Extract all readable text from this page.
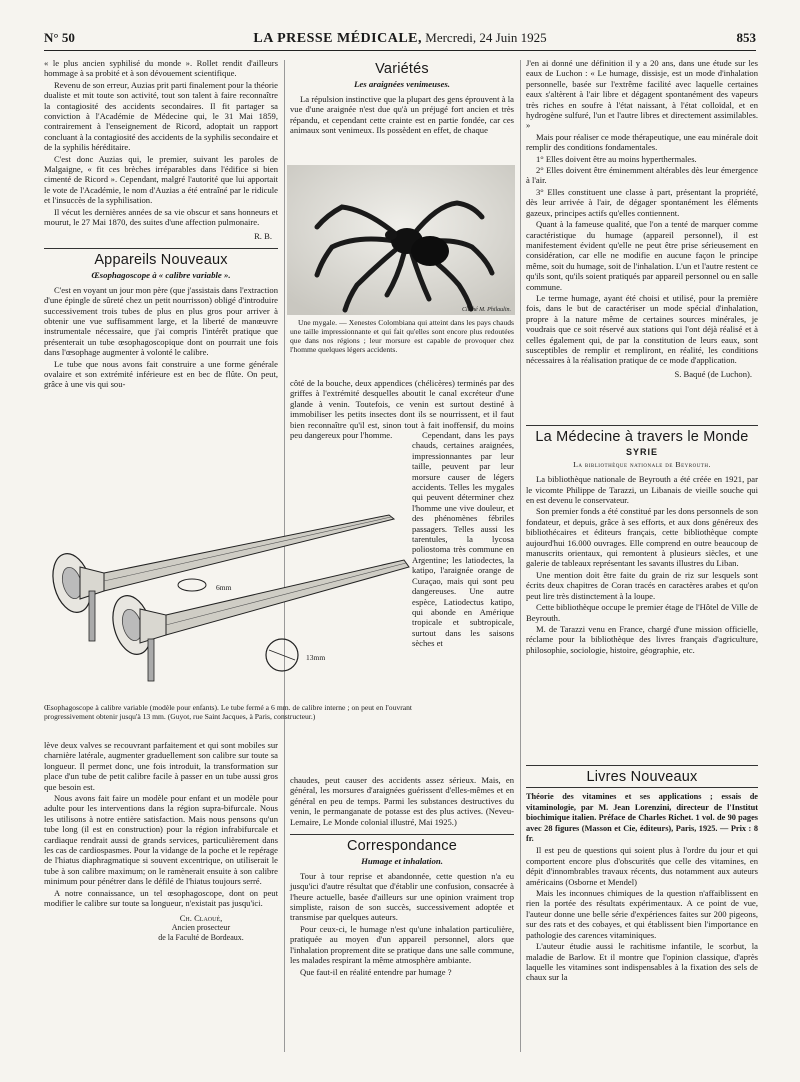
N° 50	LA PRESSE MÉDICALE, Mercredi, 24 Juin 1925	853

« le plus ancien syphilisé du monde ». Rollet rendit d'ailleurs hommage à sa probité et à son dévouement scientifique.

Revenu de son erreur, Auzias prit parti finalement pour la théorie dualiste et mit toute son activité, tout son talent à faire reconnaître la contagiosité des accidents secondaires. Il fit partager sa conviction à l'Académie de Médecine qui, le 31 Mai 1859, contrairement à l'enseignement de Ricord, adoptait un rapport concluant à la contagiosité des accidents de la syphilis secondaire et de la syphilis héréditaire.

C'est donc Auzias qui, le premier, suivant les paroles de Malgaigne, « fit ces brèches irréparables dans l'édifice si bien cimenté de Ricord ». Cependant, malgré l'autorité que lui apportait le vote de l'Académie, le nom d'Auzias a été entraîné par le ridicule et l'insuccès de la syphilisation.

Il vécut les dernières années de sa vie obscur et sans honneurs et mourut, le 27 Mai 1870, des suites d'une affection pulmonaire.

R. B.
Appareils Nouveaux
Œsophagoscope à « calibre variable ».

C'est en voyant un jour mon père (que j'assistais dans l'extraction d'une épingle de sûreté chez un petit nourrisson) obligé d'introduire successivement trois tubes de plus en plus gros pour arriver à obtenir une vue suffisamment large, et la liberté de manœuvre instrumentale nécessaire, que j'ai compris l'intérêt pratique que présenterait un tube œsophagoscopique dont on pourrait une fois dans l'œsophage augmenter à volonté le calibre.

Le tube que nous avons fait construire a une forme générale ovalaire et son extrémité inférieure est en bec de flûte. On peut, grâce à une vis qui sou-

6mm
13mm
Œsophagoscope à calibre variable (modèle pour enfants). Le tube fermé a 6 mm. de calibre interne ; on peut en l'ouvrant progressivement obtenir jusqu'à 13 mm. (Guyot, rue Saint Jacques, à Paris, constructeur.)

lève deux valves se recouvrant parfaitement et qui sont mobiles sur charnière latérale, augmenter graduellement son calibre sur toute sa longueur. Il permet donc, une fois introduit, la transformation sur place d'un tube de petit calibre facile à passer en un tube aussi gros que besoin est.

Nous avons fait faire un modèle pour enfant et un modèle pour adulte pour les interventions dans la région supra-bifurcale. Nous les utilisons à notre entière satisfaction. Mais nous pensons qu'un tube long (il est en construction) pour la région infrabifurcale et cardiaque rendrait aussi de grands services, particulièrement dans les cas de cardiospasmes. Pour la vidange de la poche et le repérage de l'hiatus diaphragmatique si souvent excentrique, on utiliserait le tube à son calibre maximum; on le ramènerait ensuite à son calibre minimum pour pénétrer dans le défilé de l'hiatus toujours serré.

A notre connaissance, un tel œsophagoscope, dont on peut modifier le calibre sur toute sa longueur, n'existait pas jusqu'ici.

Ch. Claoué,
Ancien prosecteur
de la Faculté de Bordeaux.
Variétés
Les araignées venimeuses.

La répulsion instinctive que la plupart des gens éprouvent à la vue d'une araignée n'est due qu'à un préjugé fort ancien et très répandu, et cependant cette crainte est en partie fondée, car ces animaux sont venimeux. Ils possèdent en effet, de chaque

Cliché M. Philaulin.
Une mygale. — Xenestes Colombiana qui atteint dans les pays chauds une taille impressionnante et qui fait qu'elles sont encore plus redoutées que dans nos régions ; leur morsure est capable de provoquer chez l'homme quelques légers accidents.

côté de la bouche, deux appendices (chélicères) terminés par des griffes à l'extrémité desquelles aboutit le canal excréteur d'une glande à venin. Toutefois, ce venin est surtout destiné à immobiliser les petits insectes dont ils se nourrissent, et il faut bien reconnaître qu'il est, sinon tout à fait inoffensif, du moins peu dangereux pour l'homme.	Cependant, dans les pays chauds, certaines araignées, impressionnantes par leur taille, peuvent par leur morsure causer de légers accidents. Telles les mygales qui peuvent déterminer chez l'homme une vive douleur, et des phénomènes fébriles passagers. Telles aussi les tarentules, la lycosa poliostoma très commune en Argentine; les latiodectes, la katipo, l'araignée orange de Curaçao, mais qui sont peu dangereuses. Une autre espèce, Latiodectus katipo, qui abonde en Amérique tropicale et subtropicale, surtout dans les saisons sèches et

chaudes, peut causer des accidents assez sérieux. Mais, en général, les morsures d'araignées guérissent d'elles-mêmes et en général en peu de temps. Parmi les substances destructives du venin, le permanganate de potasse est des plus actives. (Neveu-Lemaire, Le Monde colonial illustré, Mai 1925.)

Correspondance
Humage et inhalation.

Tour à tour reprise et abandonnée, cette question n'a eu jusqu'ici d'autre résultat que d'établir une confusion, consacrée à l'heure actuelle, basée d'ailleurs sur une opinion vraiment trop simpliste, raison de son succès, successivement adoptée et transmise par quelques auteurs.

Pour ceux-ci, le humage n'est qu'une inhalation particulière, pratiquée au moyen d'un appareil personnel, alors que l'inhalation proprement dite se pratique dans une salle commune, les malades respirant la même atmosphère ambiante.

Que faut-il en réalité entendre par humage ?

J'en ai donné une définition il y a 20 ans, dans une étude sur les eaux de Luchon : « Le humage, dissisje, est un mode d'inhalation personnelle, basée sur l'extrême facilité avec laquelle certaines eaux s'altèrent à l'air libre et dégagent spontanément des vapeurs très riches en soufre à l'état naissant, à l'état colloïdal, et en hydrogène sulfuré, l'un et l'autre libres et directement assimilables. »

Mais pour réaliser ce mode thérapeutique, une eau minérale doit remplir des conditions fondamentales.

1° Elles doivent être au moins hyperthermales.

2° Elles doivent être éminemment altérables dès leur émergence à l'air.

3° Elles constituent une classe à part, présentant la propriété, dès leur arrivée à l'air, de dégager spontanément les éléments gazeux, principes actifs qu'elles contiennent.

Quant à la fameuse qualité, que l'on a tenté de marquer comme caractéristique du humage (appareil personnel), il est manifestement évident qu'elle ne peut être prise sérieusement en considération, car elle ne modifie en aucune façon le principe même, soit du humage, soit de l'inhalation. L'un et l'autre restent ce qu'ils sont, qu'ils soient pratiqués par appareil personnel ou en salle commune.

Le terme humage, ayant été choisi et utilisé, pour la première fois, dans le but de caractériser un mode spécial d'inhalation, propre à la nature même de certaines sources minérales, je voudrais que ce soit réservé aux stations qui l'ont déjà réalisé et à celles également qui, de par la constitution de leurs eaux, sont susceptibles de remplir et rempliront, en réalité, les conditions nécessaires à la réalisation pratique de ce mode d'application.

S. Baqué (de Luchon).
La Médecine à travers le Monde
SYRIE
La bibliothèque nationale de Beyrouth.

La bibliothèque nationale de Beyrouth a été créée en 1921, par le vicomte Philippe de Tarazzi, un Libanais de vieille souche qui en est devenu le conservateur.

Son premier fonds a été constitué par les dons personnels de son fondateur, et depuis, grâce à ses efforts, et aux dons généreux des bibliothécaires et éditeurs français, cette bibliothèque compte aujourd'hui 16.000 ouvrages. Elle comprend en outre beaucoup de manuscrits orientaux, qui remontent à plusieurs siècles, et une galerie de tableaux représentant les savants illustres du Liban.

Une mention doit être faite du grain de riz sur lesquels sont écrits deux chapitres de Coran tracés en caractères arabes et qu'on peut lire très distinctement à la loupe.

Cette bibliothèque occupe le premier étage de l'Hôtel de Ville de Beyrouth.

M. de Tarazzi venu en France, chargé d'une mission officielle, réclame pour la bibliothèque des livres français d'agriculture, philosophie, sociologie, histoire, géographie, etc.

Livres Nouveaux

Théorie des vitamines et ses applications ; essais de vitaminologie, par M. Jean Lorenzini, directeur de l'Institut biochimique italien. Préface de Charles Richet. 1 vol. de 90 pages avec 28 figures (Masson et Cie, éditeurs), Paris, 1925. — Prix : 8 fr.

Il est peu de questions qui soient plus à l'ordre du jour et qui comportent encore plus d'obscurités que celle des vitamines, en dépit d'innombrables travaux récents, dus notamment aux auteurs américains (Osborne et Mendel)

Mais les inconnues chimiques de la question n'affaiblissent en rien la portée des résultats expérimentaux. A ce point de vue, l'auteur donne une belle série d'expériences faites sur 200 pigeons, sur des rats et des cobayes, et qui établissent bien l'importance en pathologie des carences vitaminiques.

L'auteur étudie aussi le rachitisme infantile, le scorbut, la maladie de Barlow. Et il montre que l'opinion classique, d'après laquelle les vitamines sont indispensables à la fixation des sels de chaux sur la
